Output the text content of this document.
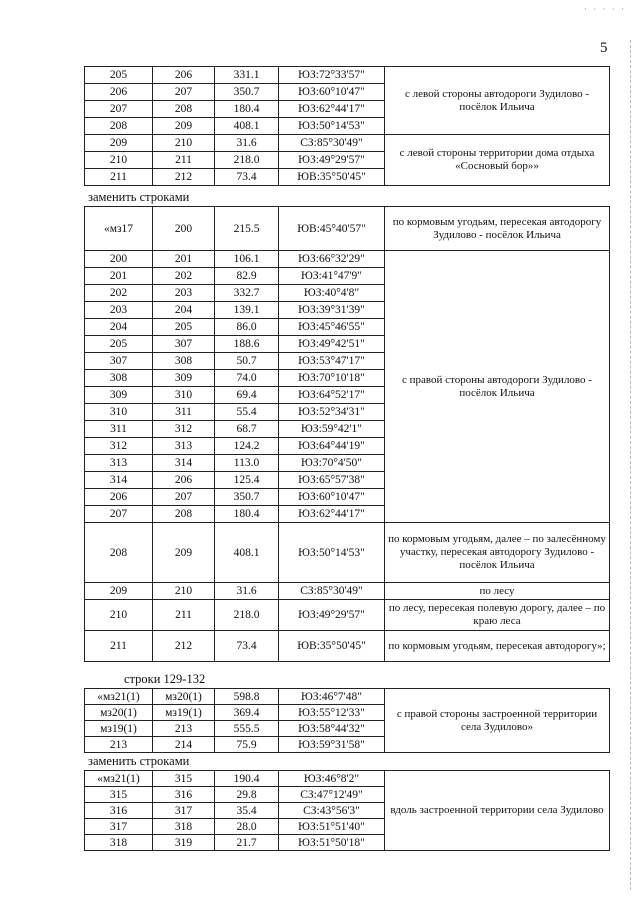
· · · · ·
5
205	206	331.1	ЮЗ:72°33'57"	с левой стороны автодороги Зудилово - посёлок Ильича
206	207	350.7	ЮЗ:60°10'47"	
207	208	180.4	ЮЗ:62°44'17"	
208	209	408.1	ЮЗ:50°14'53"	
209	210	31.6	СЗ:85°30'49"	с левой стороны территории дома отдыха «Сосновый бор»»
210	211	218.0	ЮЗ:49°29'57"	
211	212	73.4	ЮВ:35°50'45"	
заменить строками
«мз17	200	215.5	ЮВ:45°40'57"	по кормовым угодьям, пересекая автодорогу Зудилово - посёлок Ильича
200	201	106.1	ЮЗ:66°32'29"	с правой стороны автодороги Зудилово - посёлок Ильича
201	202	82.9	ЮЗ:41°47'9"	
202	203	332.7	ЮЗ:40°4'8"	
203	204	139.1	ЮЗ:39°31'39"	
204	205	86.0	ЮЗ:45°46'55"	
205	307	188.6	ЮЗ:49°42'51"	
307	308	50.7	ЮЗ:53°47'17"	
308	309	74.0	ЮЗ:70°10'18"	
309	310	69.4	ЮЗ:64°52'17"	
310	311	55.4	ЮЗ:52°34'31"	
311	312	68.7	ЮЗ:59°42'1"	
312	313	124.2	ЮЗ:64°44'19"	
313	314	113.0	ЮЗ:70°4'50"	
314	206	125.4	ЮЗ:65°57'38"	
206	207	350.7	ЮЗ:60°10'47"	
207	208	180.4	ЮЗ:62°44'17"	
208	209	408.1	ЮЗ:50°14'53"	по кормовым угодьям, далее – по залесённому участку, пересекая автодорогу Зудилово - посёлок Ильича
209	210	31.6	СЗ:85°30'49"	по лесу
210	211	218.0	ЮЗ:49°29'57"	по лесу, пересекая полевую дорогу, далее – по краю леса
211	212	73.4	ЮВ:35°50'45"	по кормовым угодьям, пересекая автодорогу»;
строки 129-132
«мз21(1)	мз20(1)	598.8	ЮЗ:46°7'48"	с правой стороны застроенной территории села Зудилово»
мз20(1)	мз19(1)	369.4	ЮЗ:55°12'33"	
мз19(1)	213	555.5	ЮЗ:58°44'32"	
213	214	75.9	ЮЗ:59°31'58"	
заменить строками
«мз21(1)	315	190.4	ЮЗ:46°8'2"	вдоль застроенной территории села Зудилово
315	316	29.8	СЗ:47°12'49"	
316	317	35.4	СЗ:43°56'3"	
317	318	28.0	ЮЗ:51°51'40"	
318	319	21.7	ЮЗ:51°50'18"	
